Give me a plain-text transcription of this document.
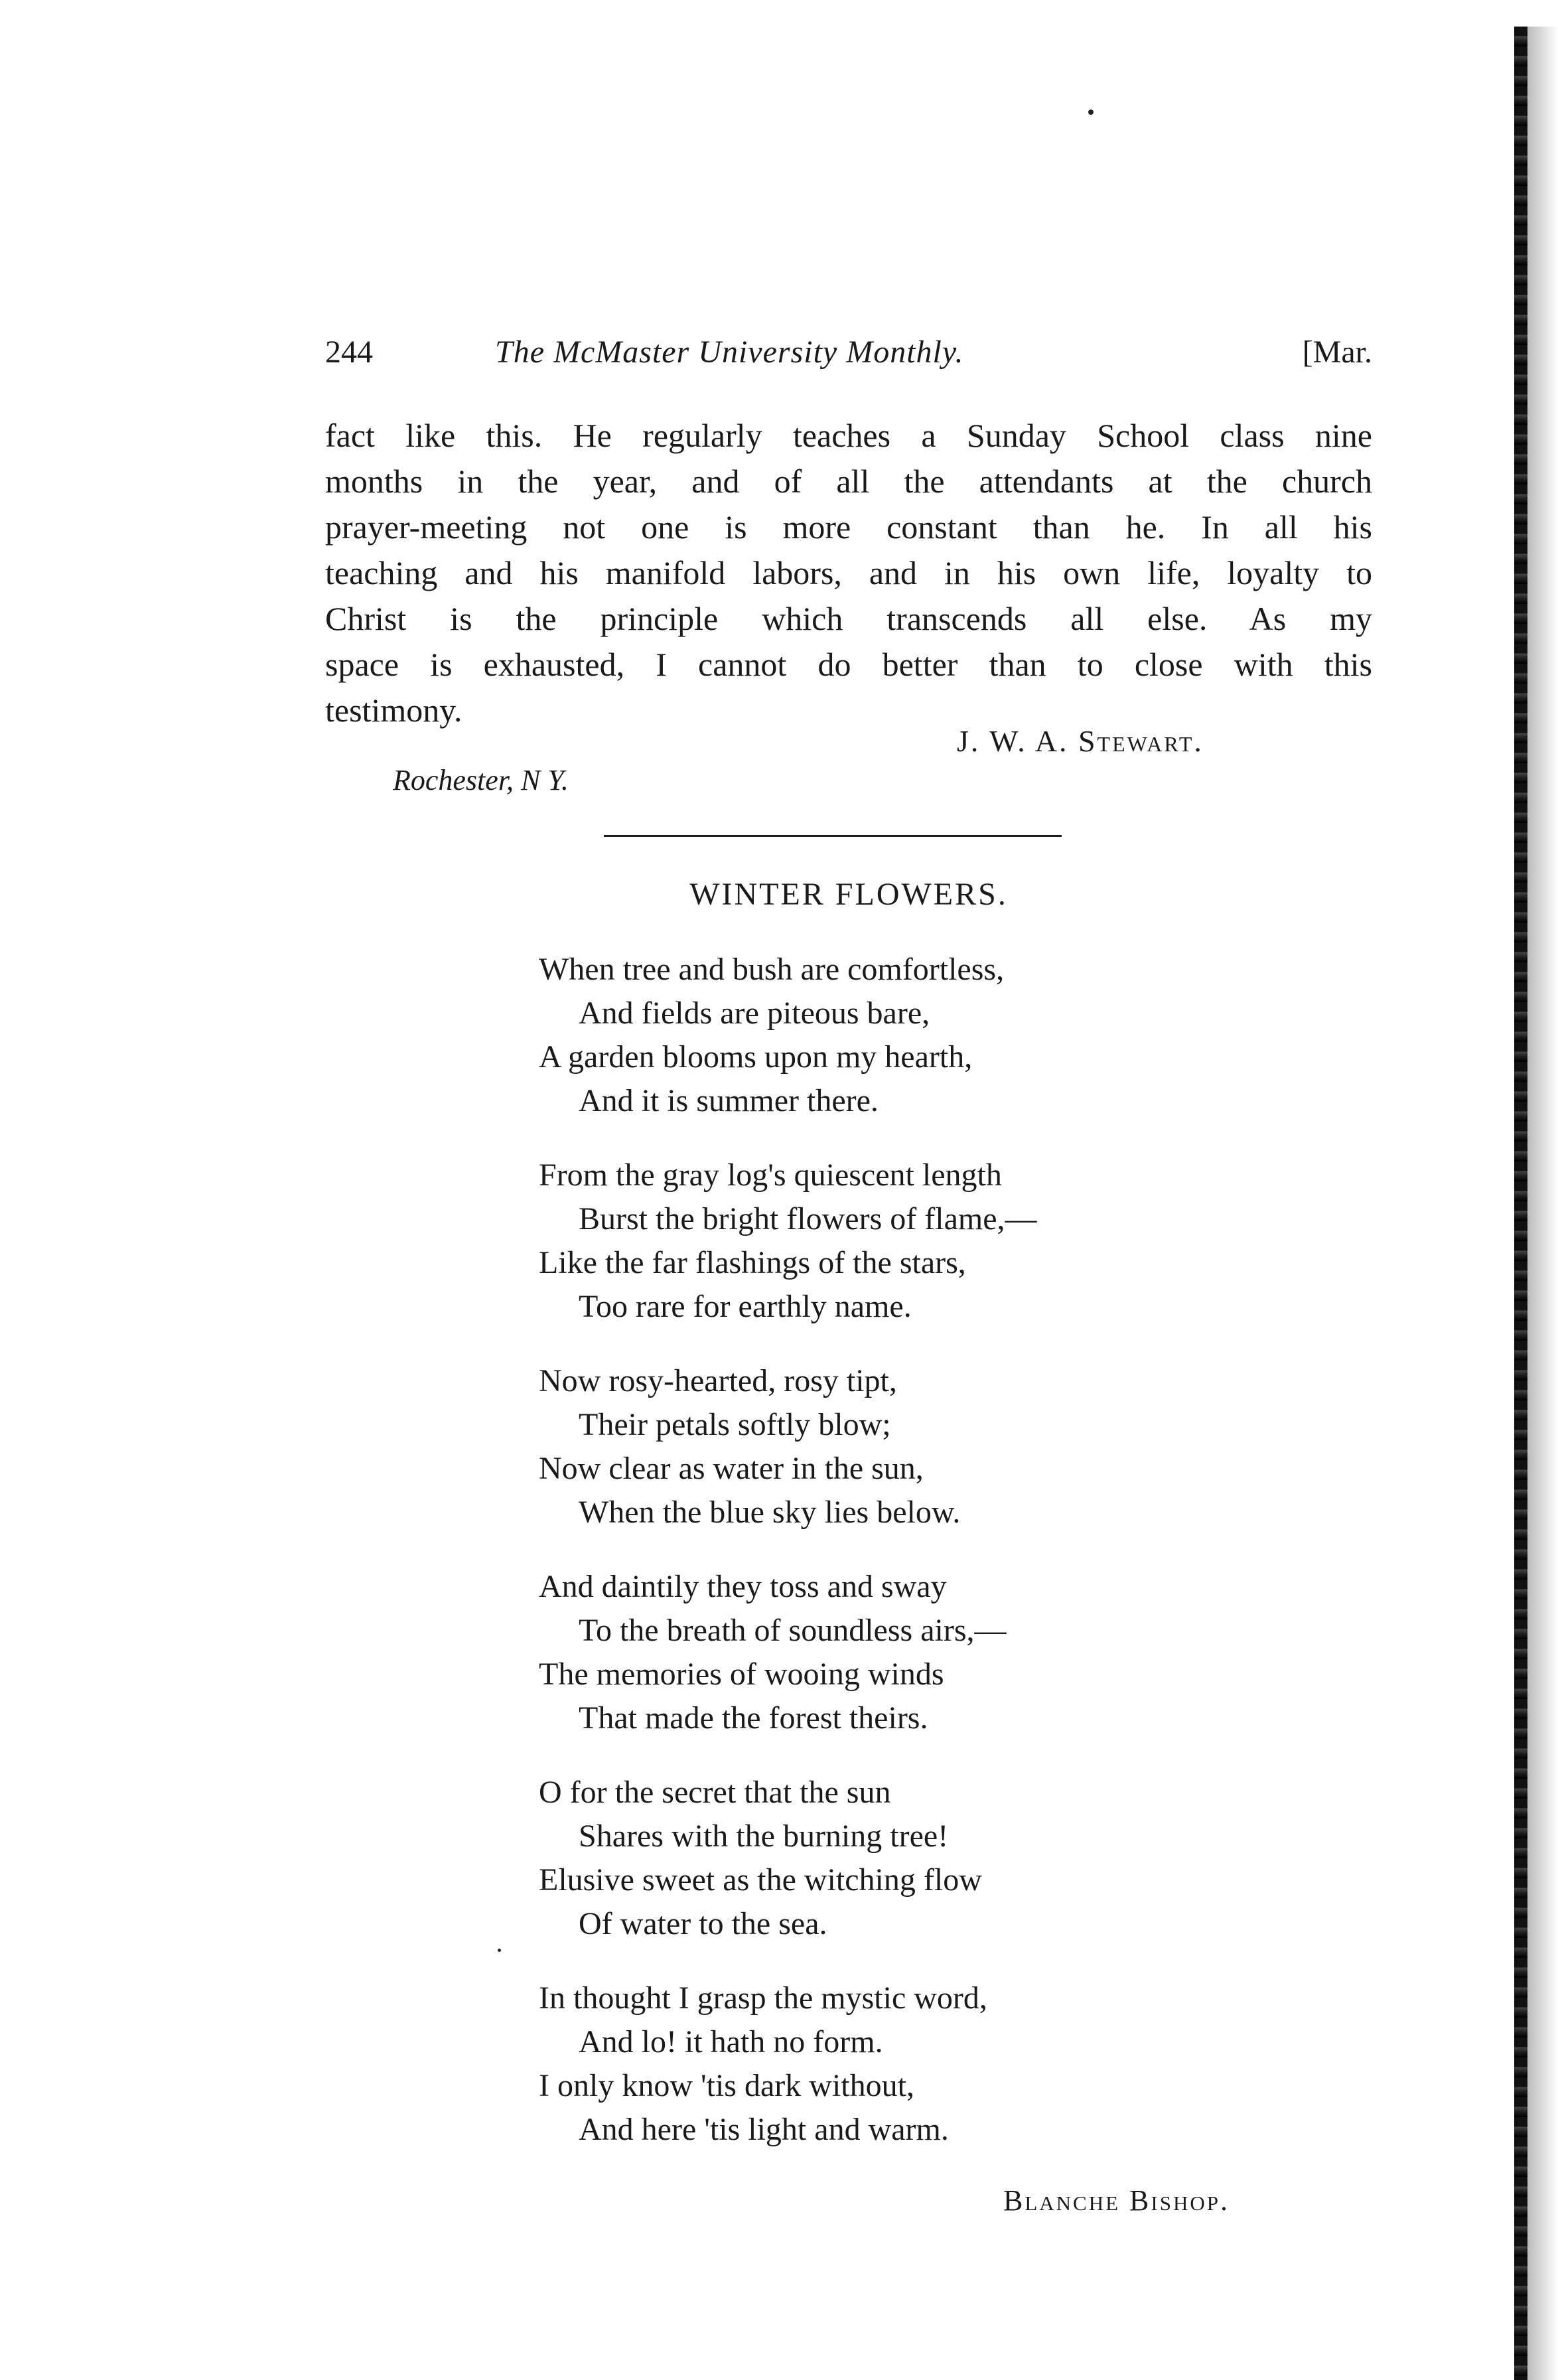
244	The McMaster University Monthly.	[Mar.
fact like this. He regularly teaches a Sunday School class nine
months in the year, and of all the attendants at the church
prayer-meeting not one is more constant than he. In all his
teaching and his manifold labors, and in his own life, loyalty to
Christ is the principle which transcends all else. As my
space is exhausted, I cannot do better than to close with this
testimony.
J. W. A. Stewart.
Rochester, N Y.
WINTER FLOWERS.
When tree and bush are comfortless,
And fields are piteous bare,
A garden blooms upon my hearth,
And it is summer there.
From the gray log's quiescent length
Burst the bright flowers of flame,—
Like the far flashings of the stars,
Too rare for earthly name.
Now rosy-hearted, rosy tipt,
Their petals softly blow;
Now clear as water in the sun,
When the blue sky lies below.
And daintily they toss and sway
To the breath of soundless airs,—
The memories of wooing winds
That made the forest theirs.
O for the secret that the sun
Shares with the burning tree!
Elusive sweet as the witching flow
Of water to the sea.
In thought I grasp the mystic word,
And lo! it hath no form.
I only know 'tis dark without,
And here 'tis light and warm.
Blanche Bishop.
